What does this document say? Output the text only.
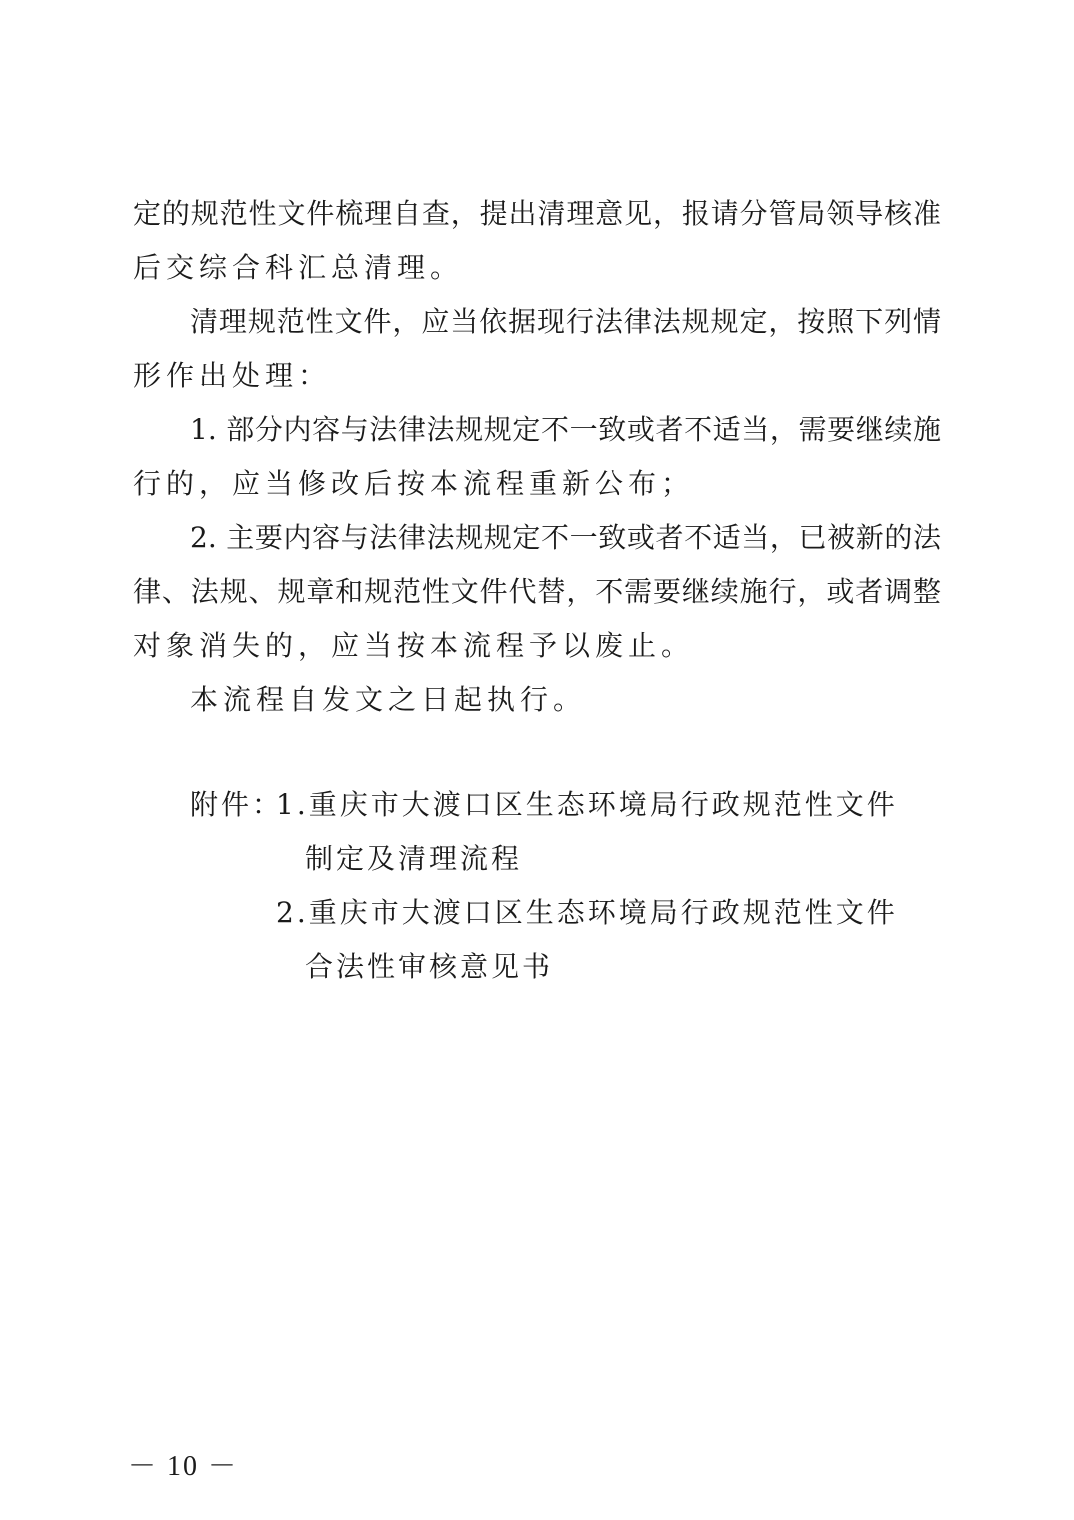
定的规范性文件梳理自查，提出清理意见，报请分管局领导核准
后交综合科汇总清理。
清理规范性文件，应当依据现行法律法规规定，按照下列情
形作出处理：
1. 部分内容与法律法规规定不一致或者不适当，需要继续施
行的，应当修改后按本流程重新公布；
2. 主要内容与法律法规规定不一致或者不适当，已被新的法
律、法规、规章和规范性文件代替，不需要继续施行，或者调整
对象消失的，应当按本流程予以废止。
本流程自发文之日起执行。
附件：
1.重庆市大渡口区生态环境局行政规范性文件
制定及清理流程
2.重庆市大渡口区生态环境局行政规范性文件
合法性审核意见书
－ 10 －
